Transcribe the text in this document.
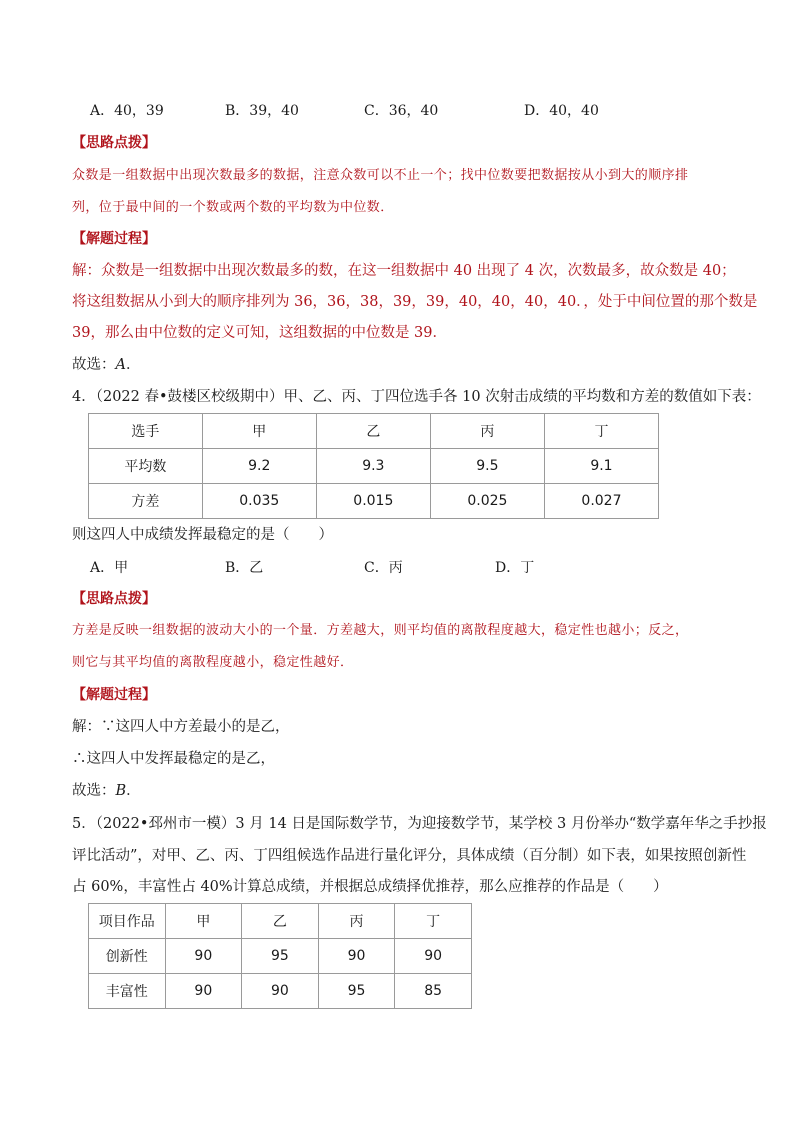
A．40，39	B．39，40	C．36，40	D．40，40
【思路点拨】
众数是一组数据中出现次数最多的数据，注意众数可以不止一个；找中位数要把数据按从小到大的顺序排
列，位于最中间的一个数或两个数的平均数为中位数．
【解题过程】
解：众数是一组数据中出现次数最多的数，在这一组数据中 40 出现了 4 次，次数最多，故众数是 40；
将这组数据从小到大的顺序排列为 36，36，38，39，39，40，40，40，40．，处于中间位置的那个数是
39，那么由中位数的定义可知，这组数据的中位数是 39．
故选：A．
4．（2022 春•鼓楼区校级期中）甲、乙、丙、丁四位选手各 10 次射击成绩的平均数和方差的数值如下表：
选手	甲	乙	丙	丁
平均数	9.2	9.3	9.5	9.1
方差	0.035	0.015	0.025	0.027
则这四人中成绩发挥最稳定的是（　　）
A．甲	B．乙	C．丙	D．丁
【思路点拨】
方差是反映一组数据的波动大小的一个量．方差越大，则平均值的离散程度越大，稳定性也越小；反之，
则它与其平均值的离散程度越小，稳定性越好．
【解题过程】
解：∵这四人中方差最小的是乙，
∴这四人中发挥最稳定的是乙，
故选：B．
5．（2022•邳州市一模）3 月 14 日是国际数学节，为迎接数学节，某学校 3 月份举办“数学嘉年华之手抄报
评比活动”，对甲、乙、丙、丁四组候选作品进行量化评分，具体成绩（百分制）如下表，如果按照创新性
占 60%，丰富性占 40%计算总成绩，并根据总成绩择优推荐，那么应推荐的作品是（　　）
项目作品	甲	乙	丙	丁
创新性	90	95	90	90
丰富性	90	90	95	85
